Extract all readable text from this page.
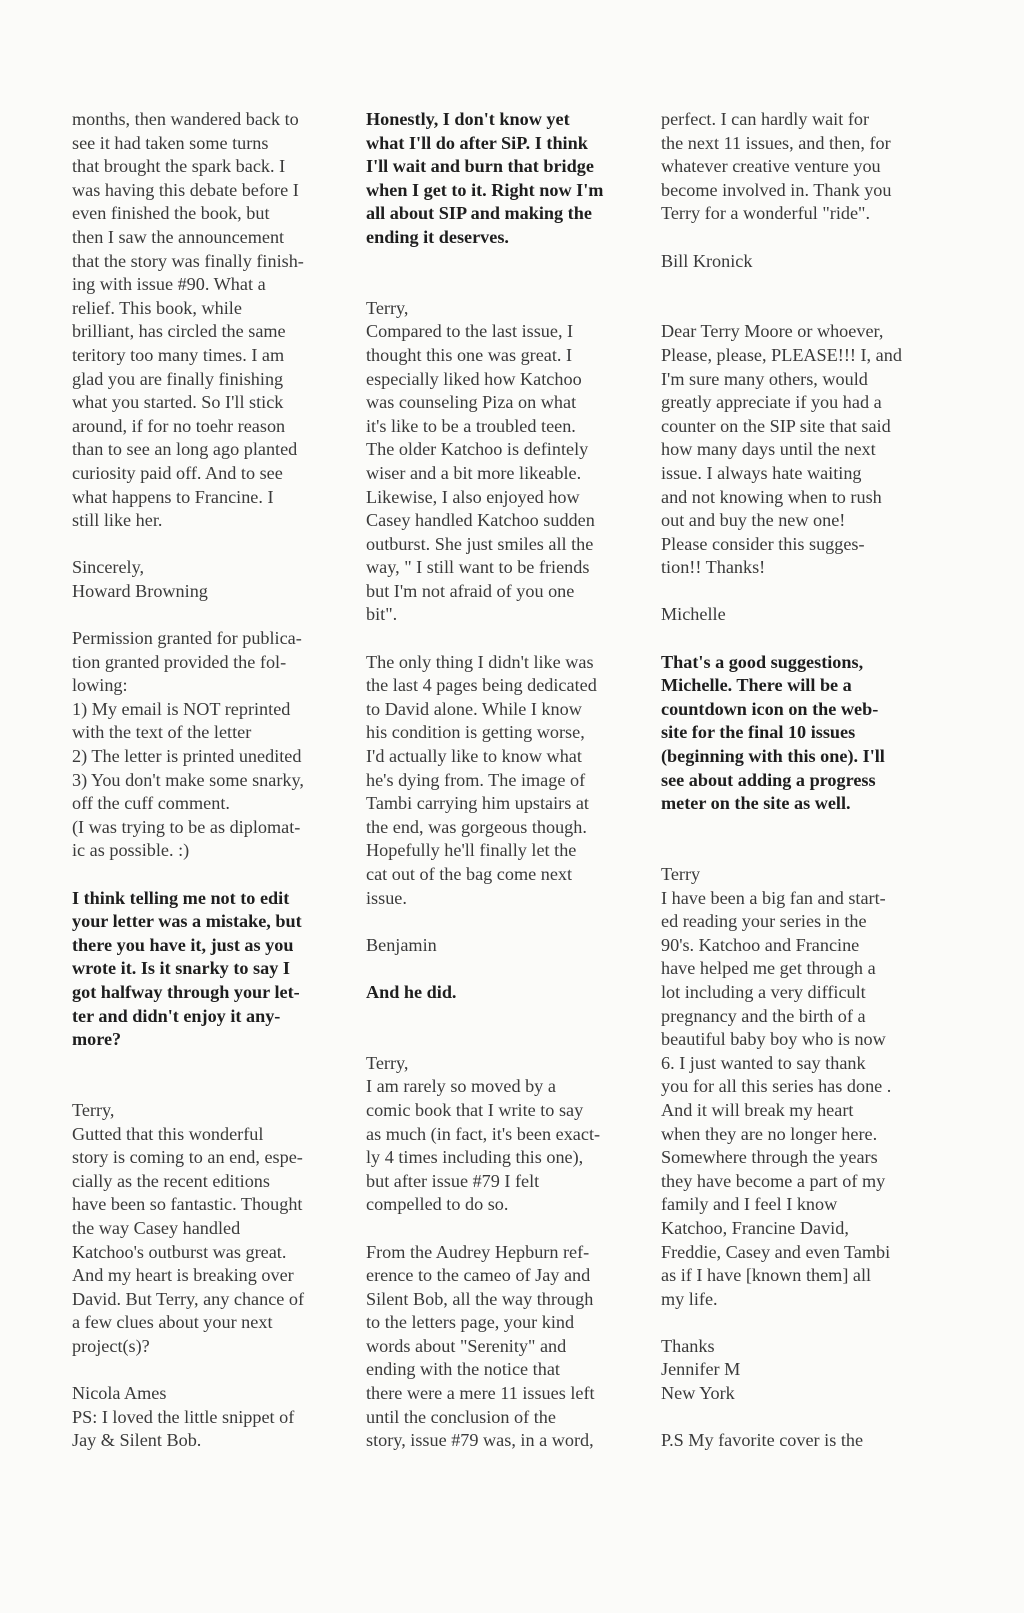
months, then wandered back to
see it had taken some turns
that brought the spark back. I
was having this debate before I
even finished the book, but
then I saw the announcement
that the story was finally finish-
ing with issue #90. What a
relief. This book, while
brilliant, has circled the same
teritory too many times. I am
glad you are finally finishing
what you started. So I'll stick
around, if for no toehr reason
than to see an long ago planted
curiosity paid off. And to see
what happens to Francine. I
still like her.
Sincerely,
Howard Browning
Permission granted for publica-
tion granted provided the fol-
lowing:
1) My email is NOT reprinted
with the text of the letter
2) The letter is printed unedited
3) You don't make some snarky,
off the cuff comment.
(I was trying to be as diplomat-
ic as possible. :)
I think telling me not to edit
your letter was a mistake, but
there you have it, just as you
wrote it. Is it snarky to say I
got halfway through your let-
ter and didn't enjoy it any-
more?
Terry,
Gutted that this wonderful
story is coming to an end, espe-
cially as the recent editions
have been so fantastic. Thought
the way Casey handled
Katchoo's outburst was great.
And my heart is breaking over
David. But Terry, any chance of
a few clues about your next
project(s)?
Nicola Ames
PS: I loved the little snippet of
Jay & Silent Bob.
Honestly, I don't know yet
what I'll do after SiP. I think
I'll wait and burn that bridge
when I get to it. Right now I'm
all about SIP and making the
ending it deserves.
Terry,
Compared to the last issue, I
thought this one was great. I
especially liked how Katchoo
was counseling Piza on what
it's like to be a troubled teen.
The older Katchoo is defintely
wiser and a bit more likeable.
Likewise, I also enjoyed how
Casey handled Katchoo sudden
outburst. She just smiles all the
way, " I still want to be friends
but I'm not afraid of you one
bit".
The only thing I didn't like was
the last 4 pages being dedicated
to David alone. While I know
his condition is getting worse,
I'd actually like to know what
he's dying from. The image of
Tambi carrying him upstairs at
the end, was gorgeous though.
Hopefully he'll finally let the
cat out of the bag come next
issue.
Benjamin
And he did.
Terry,
I am rarely so moved by a
comic book that I write to say
as much (in fact, it's been exact-
ly 4 times including this one),
but after issue #79 I felt
compelled to do so.
From the Audrey Hepburn ref-
erence to the cameo of Jay and
Silent Bob, all the way through
to the letters page, your kind
words about "Serenity" and
ending with the notice that
there were a mere 11 issues left
until the conclusion of the
story, issue #79 was, in a word,
perfect. I can hardly wait for
the next 11 issues, and then, for
whatever creative venture you
become involved in. Thank you
Terry for a wonderful "ride".
Bill Kronick
Dear Terry Moore or whoever,
Please, please, PLEASE!!! I, and
I'm sure many others, would
greatly appreciate if you had a
counter on the SIP site that said
how many days until the next
issue. I always hate waiting
and not knowing when to rush
out and buy the new one!
Please consider this sugges-
tion!! Thanks!
Michelle
That's a good suggestions,
Michelle. There will be a
countdown icon on the web-
site for the final 10 issues
(beginning with this one). I'll
see about adding a progress
meter on the site as well.
Terry
I have been a big fan and start-
ed reading your series in the
90's. Katchoo and Francine
have helped me get through a
lot including a very difficult
pregnancy and the birth of a
beautiful baby boy who is now
6. I just wanted to say thank
you for all this series has done .
And it will break my heart
when they are no longer here.
Somewhere through the years
they have become a part of my
family and I feel I know
Katchoo, Francine David,
Freddie, Casey and even Tambi
as if I have [known them] all
my life.
Thanks
Jennifer M
New York
P.S My favorite cover is the
